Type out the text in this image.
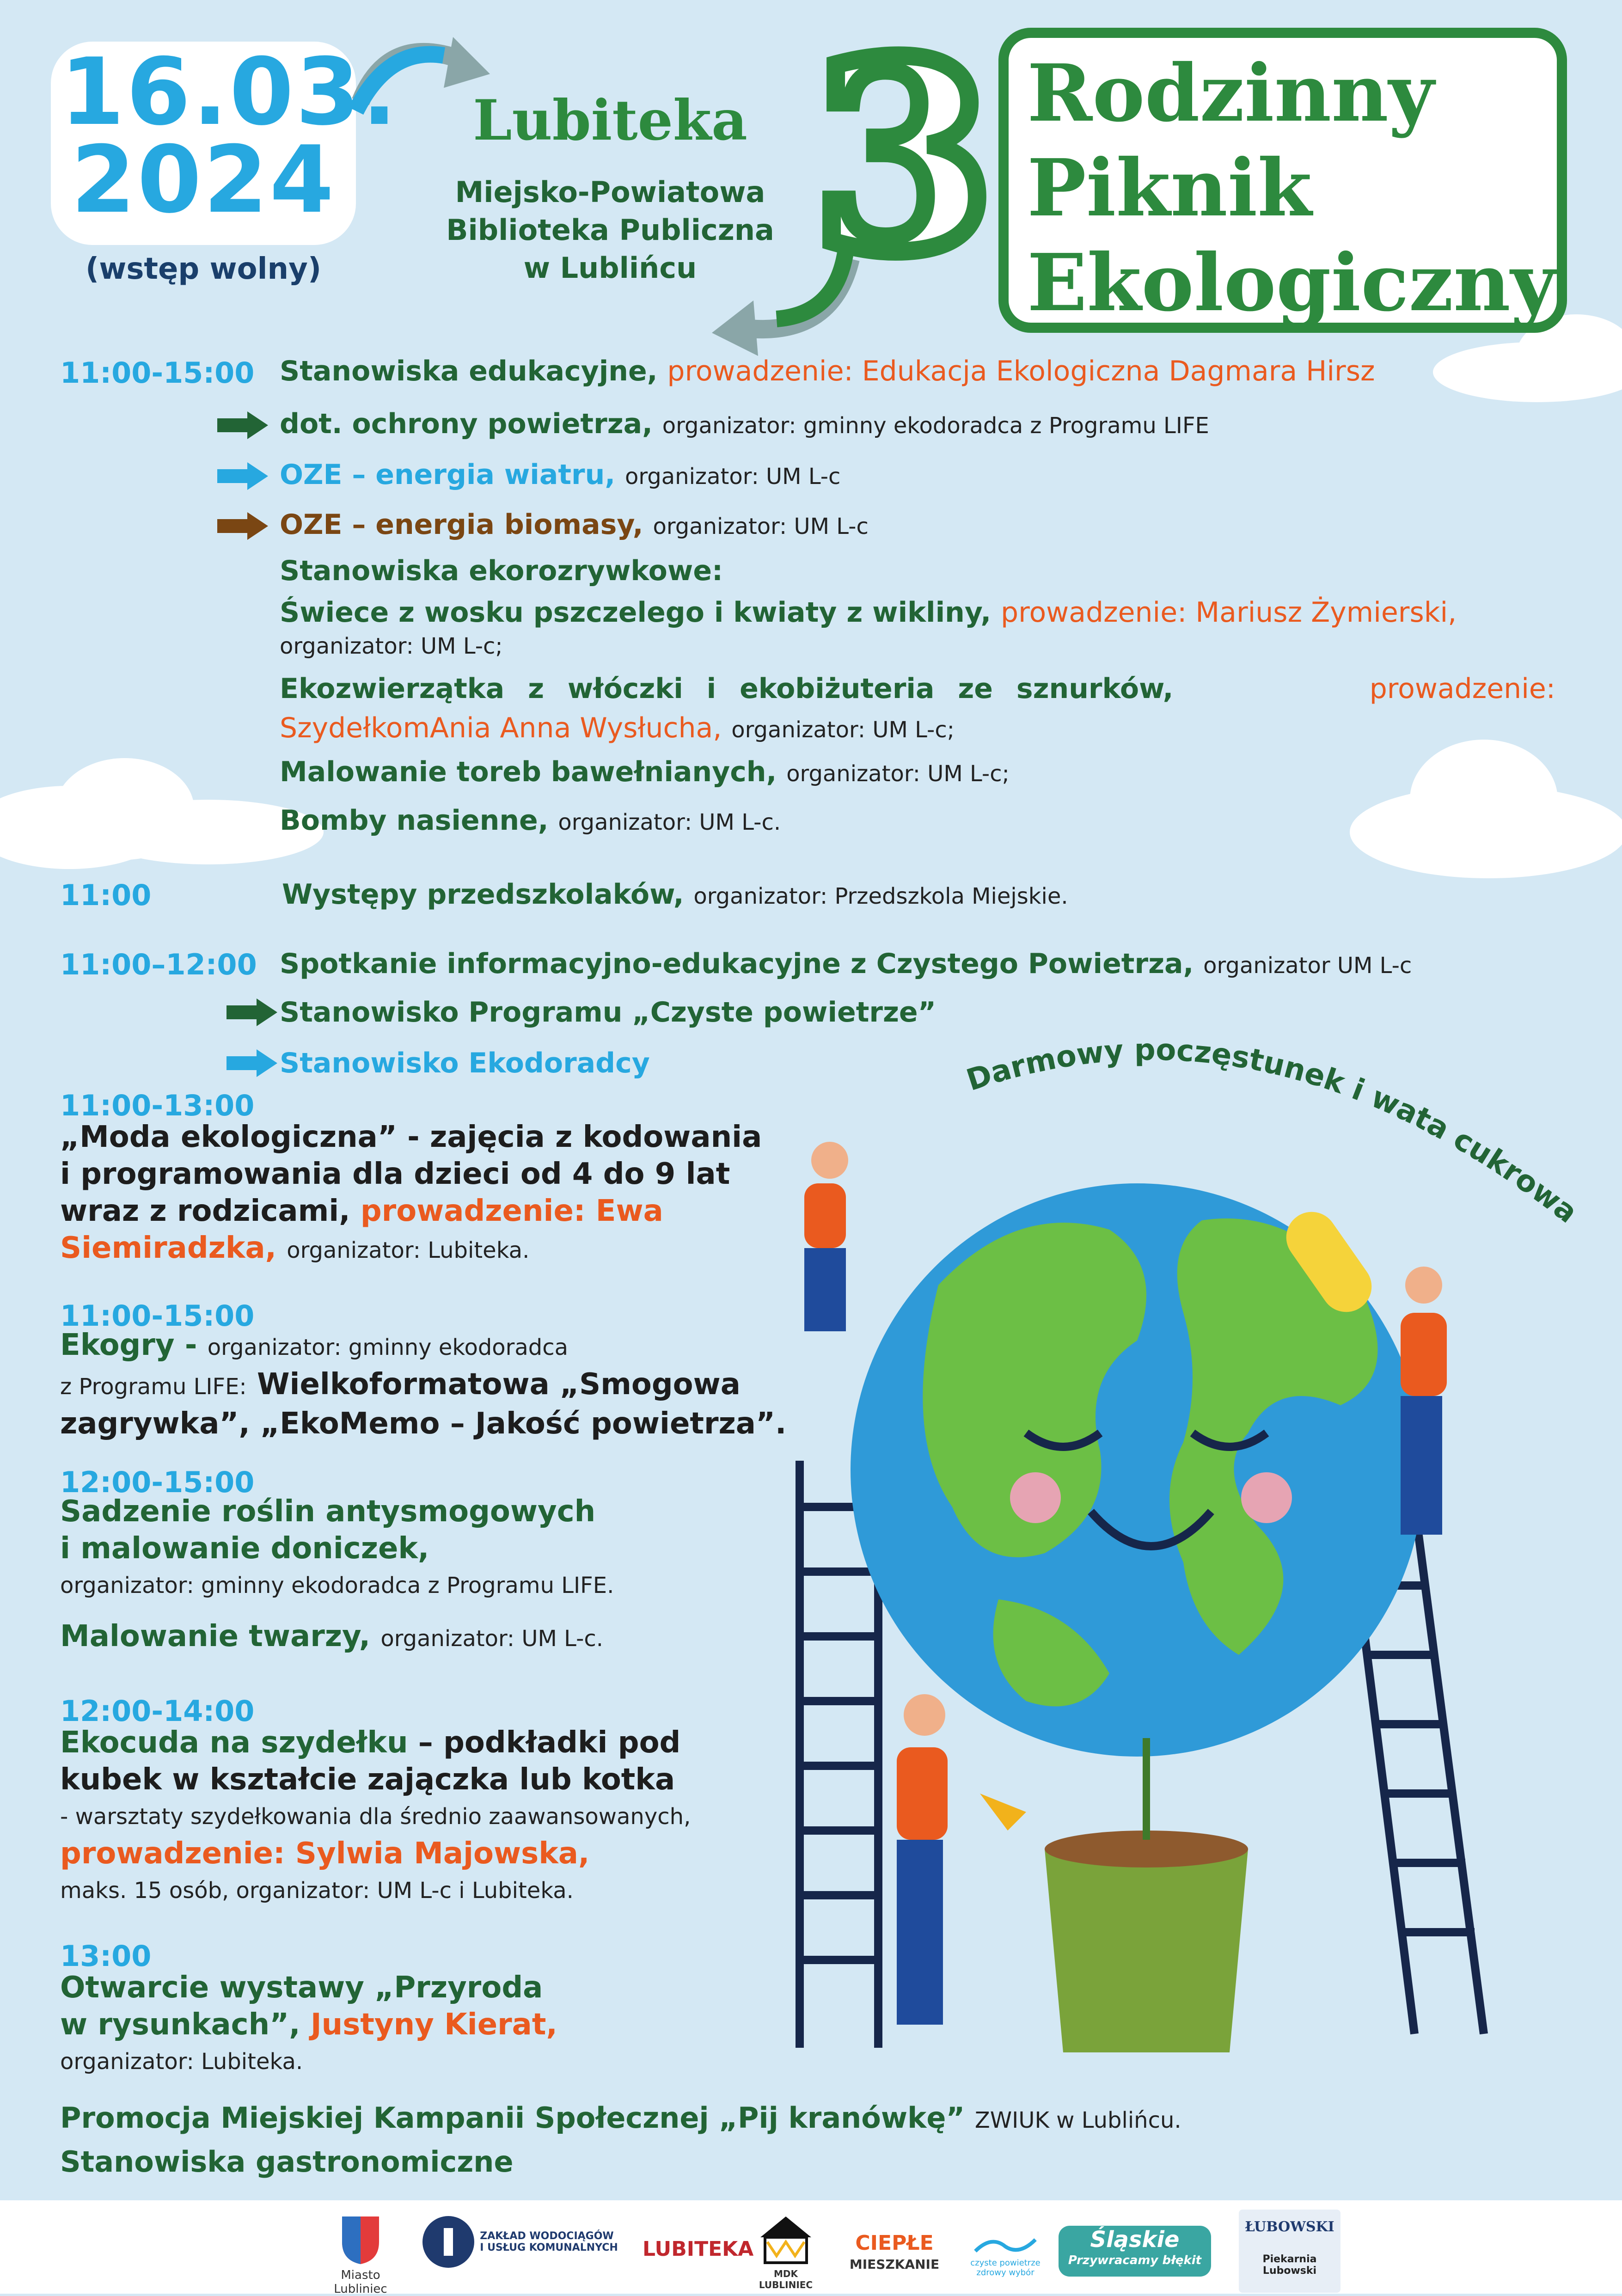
16.03.
2024
(wstęp wolny)
Lubiteka
Miejsko-Powiatowa
Biblioteka Publiczna
w Lublińcu 3 Rodzinny
Piknik
Ekologiczny
11:00-15:00 Stanowiska edukacyjne, prowadzenie: Edukacja Ekologiczna Dagmara Hirsz
dot. ochrony powietrza, organizator: gminny ekodoradca z Programu LIFE
OZE – energia wiatru, organizator: UM L-c
OZE – energia biomasy, organizator: UM L-c
Stanowiska ekorozrywkowe:
Świece z wosku pszczelego i kwiaty z wikliny, prowadzenie: Mariusz Żymierski,
organizator: UM L-c;
Ekozwierzątka z włóczki i ekobiżuteria ze sznurków,	prowadzenie:
SzydełkomAnia Anna Wysłucha, organizator: UM L-c;
Malowanie toreb bawełnianych, organizator: UM L-c;
Bomby nasienne, organizator: UM L-c.
11:00	Występy przedszkolaków, organizator: Przedszkola Miejskie.
11:00–12:00 Spotkanie informacyjno-edukacyjne z Czystego Powietrza, organizator UM L-c
Stanowisko Programu „Czyste powietrze”
Stanowisko Ekodoradcy	Darmowy poczęstunek i wata cukrowa
11:00-13:00
„Moda ekologiczna” - zajęcia z kodowania
i programowania dla dzieci od 4 do 9 lat
wraz z rodzicami, prowadzenie: Ewa
Siemiradzka, organizator: Lubiteka.
11:00-15:00
Ekogry - organizator: gminny ekodoradca
z Programu LIFE: Wielkoformatowa „Smogowa
zagrywka”, „EkoMemo – Jakość powietrza”.
12:00-15:00
Sadzenie roślin antysmogowych
i malowanie doniczek,
organizator: gminny ekodoradca z Programu LIFE.
Malowanie twarzy, organizator: UM L-c.
12:00-14:00
Ekocuda na szydełku – podkładki pod
kubek w kształcie zajączka lub kotka
- warsztaty szydełkowania dla średnio zaawansowanych,
prowadzenie: Sylwia Majowska,
maks. 15 osób, organizator: UM L-c i Lubiteka.
13:00
Otwarcie wystawy „Przyroda
w rysunkach”, Justyny Kierat,
organizator: Lubiteka.
Promocja Miejskiej Kampanii Społecznej „Pij kranówkę” ZWIUK w Lublińcu.
Stanowiska gastronomiczne
Miasto Lubliniec
ZAKŁAD WODOCIĄGÓW
I USŁUG KOMUNALNYCH	LUBITEKA
MDK LUBLINIEC
CIEPŁE
MIESZKANIE	czyste powietrze
zdrowy wybór
Śląskie
Przywracamy błękit
ŁUBOWSKI
Piekarnia
Lubowski
